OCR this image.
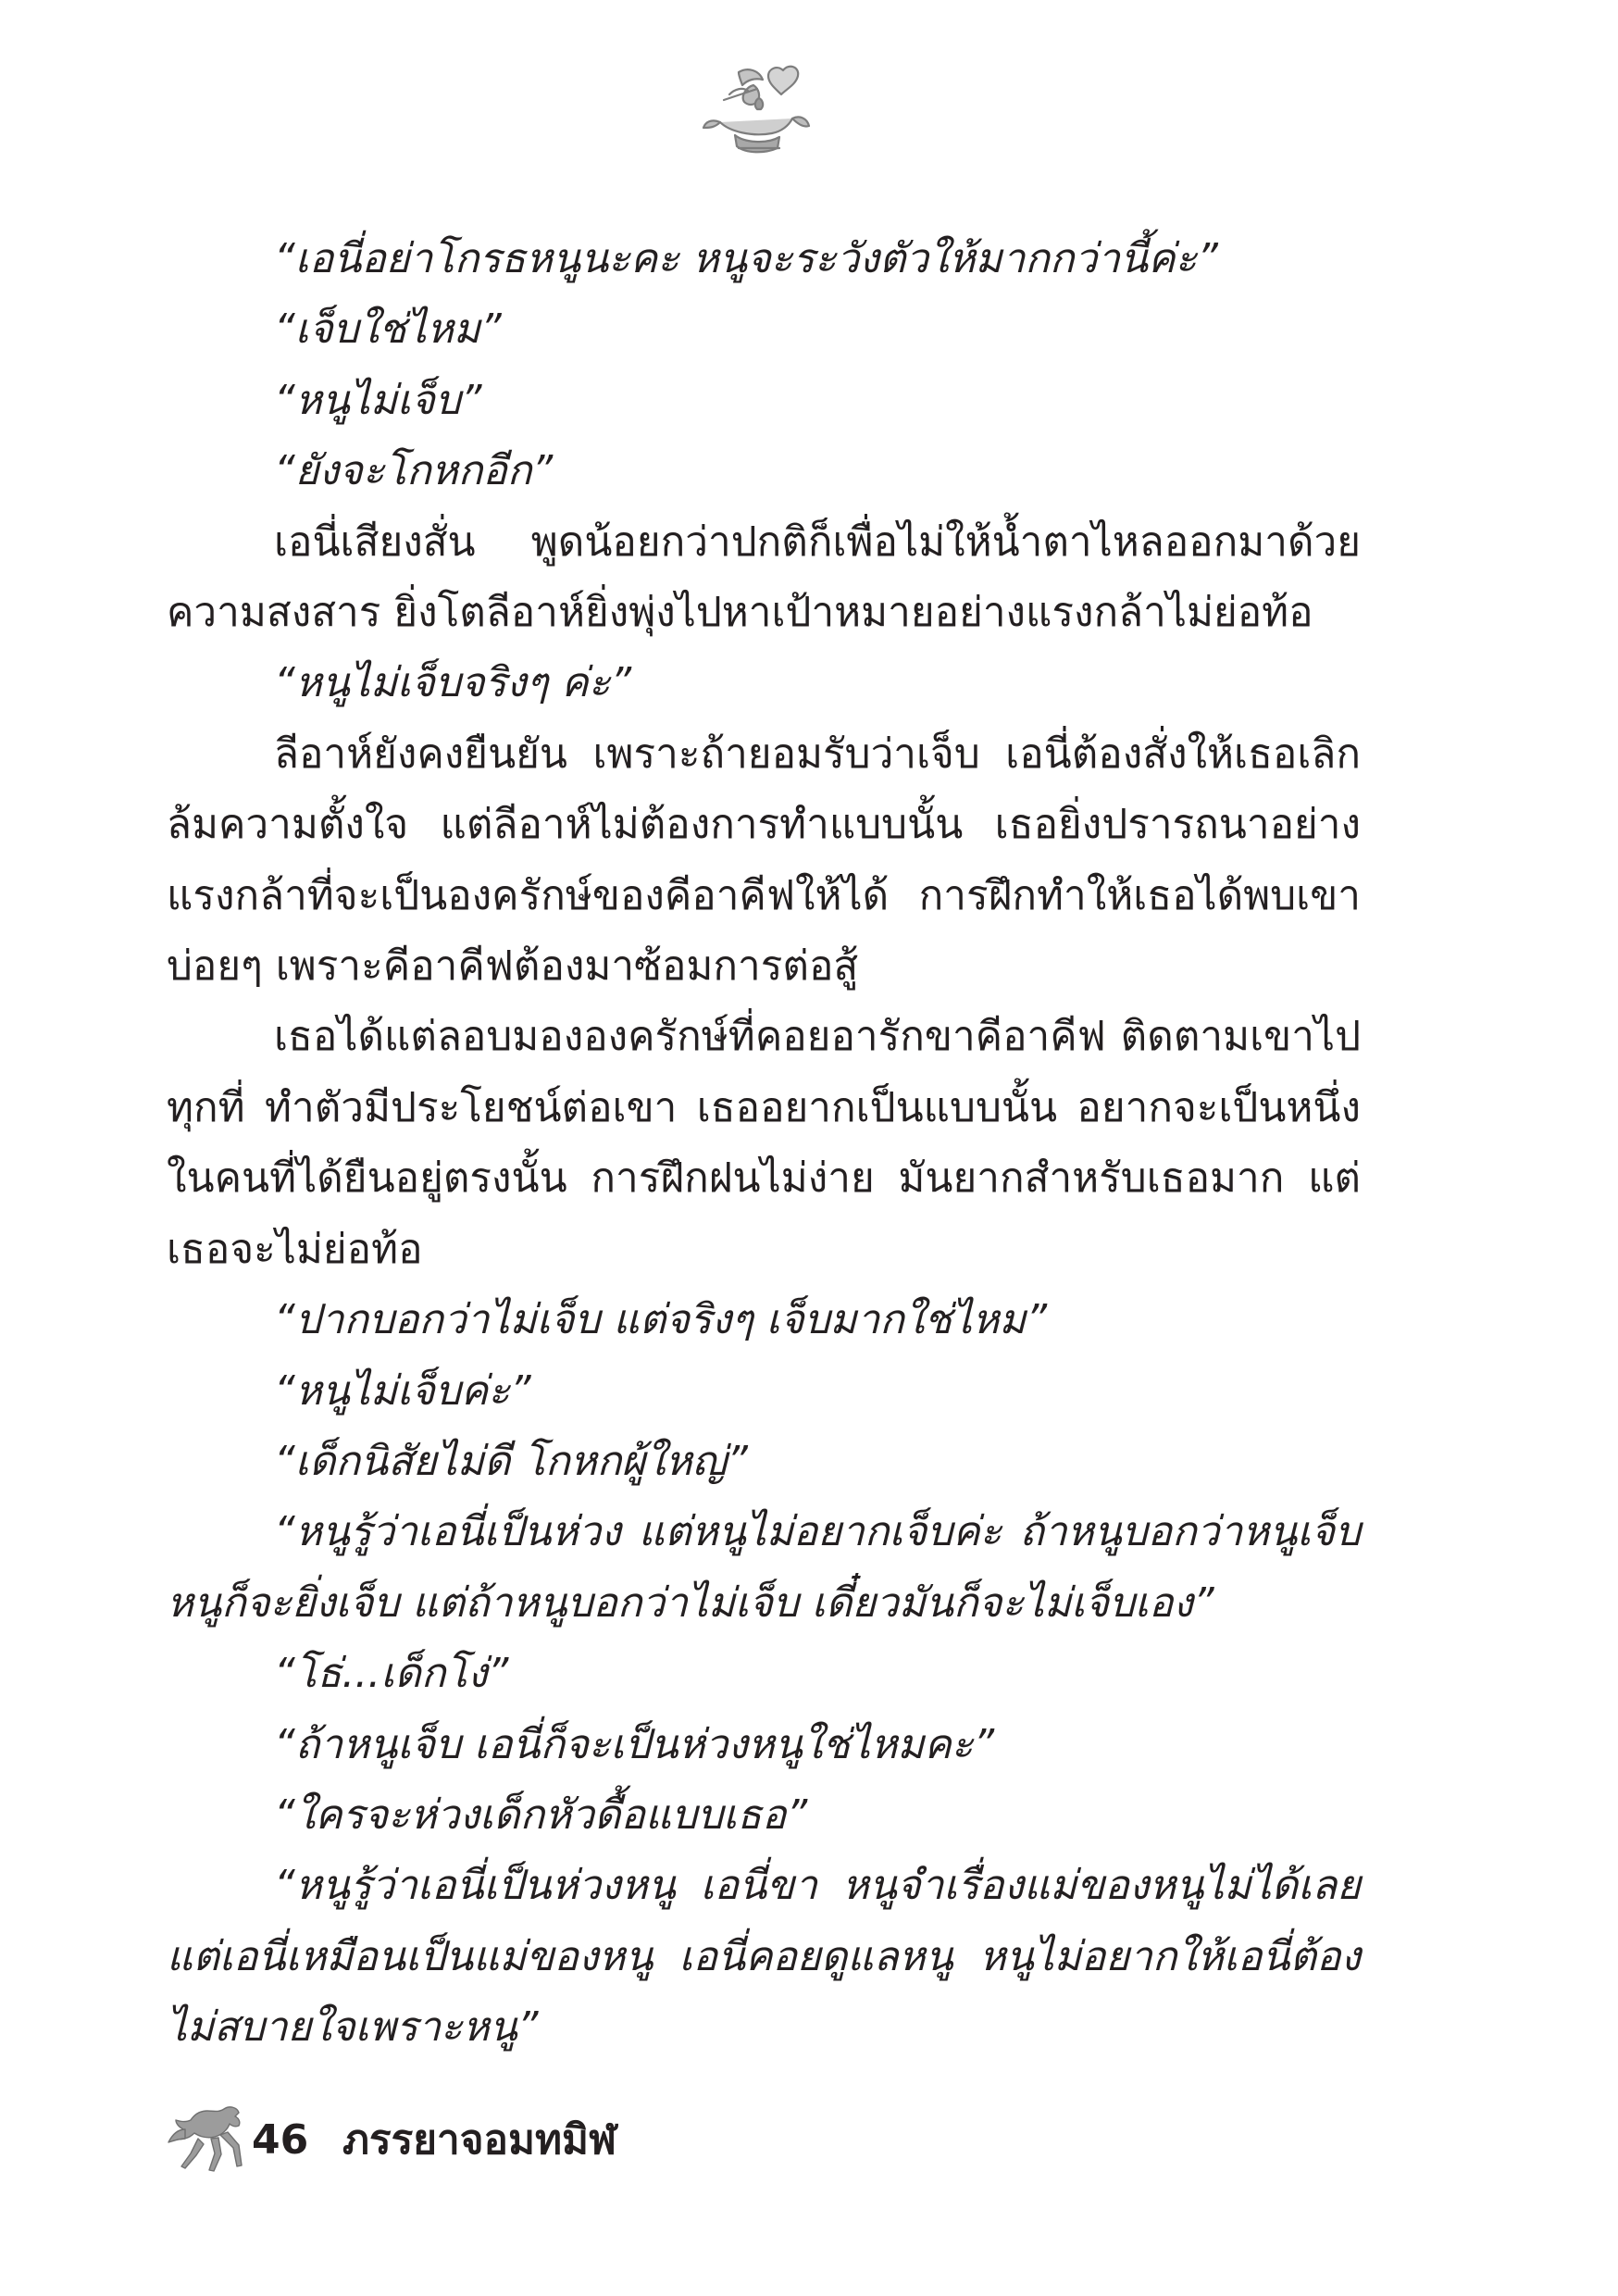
“เอนี่อย่าโกรธหนูนะคะ หนูจะระวังตัวให้มากกว่านี้ค่ะ”

“เจ็บใช่ไหม”

“หนูไม่เจ็บ”

“ยังจะโกหกอีก”

เอนี่เสียงสั่น พูดน้อยกว่าปกติก็เพื่อไม่ให้น้ำตาไหลออกมาด้วยความสงสาร ยิ่งโตลีอาห์ยิ่งพุ่งไปหาเป้าหมายอย่างแรงกล้าไม่ย่อท้อ

“หนูไม่เจ็บจริงๆ ค่ะ”

ลีอาห์ยังคงยืนยัน เพราะถ้ายอมรับว่าเจ็บ เอนี่ต้องสั่งให้เธอเลิกล้มความตั้งใจ แต่ลีอาห์ไม่ต้องการทำแบบนั้น เธอยิ่งปรารถนาอย่างแรงกล้าที่จะเป็นองครักษ์ของคีอาคีฟให้ได้ การฝึกทำให้เธอได้พบเขาบ่อยๆ เพราะคีอาคีฟต้องมาซ้อมการต่อสู้

เธอได้แต่ลอบมององครักษ์ที่คอยอารักขาคีอาคีฟ ติดตามเขาไปทุกที่ ทำตัวมีประโยชน์ต่อเขา เธออยากเป็นแบบนั้น อยากจะเป็นหนึ่งในคนที่ได้ยืนอยู่ตรงนั้น การฝึกฝนไม่ง่าย มันยากสำหรับเธอมาก แต่เธอจะไม่ย่อท้อ

“ปากบอกว่าไม่เจ็บ แต่จริงๆ เจ็บมากใช่ไหม”

“หนูไม่เจ็บค่ะ”

“เด็กนิสัยไม่ดี โกหกผู้ใหญ่”

“หนูรู้ว่าเอนี่เป็นห่วง แต่หนูไม่อยากเจ็บค่ะ ถ้าหนูบอกว่าหนูเจ็บ หนูก็จะยิ่งเจ็บ แต่ถ้าหนูบอกว่าไม่เจ็บ เดี๋ยวมันก็จะไม่เจ็บเอง”

“โธ่...เด็กโง่”

“ถ้าหนูเจ็บ เอนี่ก็จะเป็นห่วงหนูใช่ไหมคะ”

“ใครจะห่วงเด็กหัวดื้อแบบเธอ”

“หนูรู้ว่าเอนี่เป็นห่วงหนู เอนี่ขา หนูจำเรื่องแม่ของหนูไม่ได้เลย แต่เอนี่เหมือนเป็นแม่ของหนู เอนี่คอยดูแลหนู หนูไม่อยากให้เอนี่ต้องไม่สบายใจเพราะหนู”

46 ภรรยาจอมทมิฬ
